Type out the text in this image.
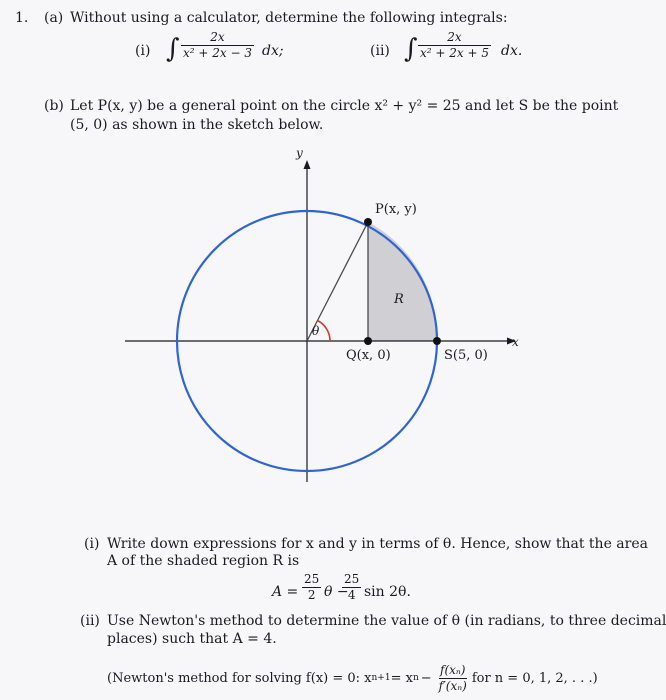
1. (a) Without using a calculator, determine the following integrals:
(i) ∫	2x
x² + 2x − 3 dx;	(ii) ∫ 2x
x² + 2x + 5 dx.
(b) Let P(x, y) be a general point on the circle x² + y² = 25 and let S be the point
(5, 0) as shown in the sketch below.
y
x
P(x, y)
Q(x, 0)	S(5, 0)
R
θ
(i) Write down expressions for x and y in terms of θ. Hence, show that the area
A of the shaded region R is
A =
25
2 θ −
25
4 sin 2θ.
(ii) Use Newton's method to determine the value of θ (in radians, to three decimal
places) such that A = 4.
(Newton's method for solving f(x) = 0: x n+1 = x n −
f(xₙ)
f′(xₙ) for n = 0, 1, 2, . . .)
